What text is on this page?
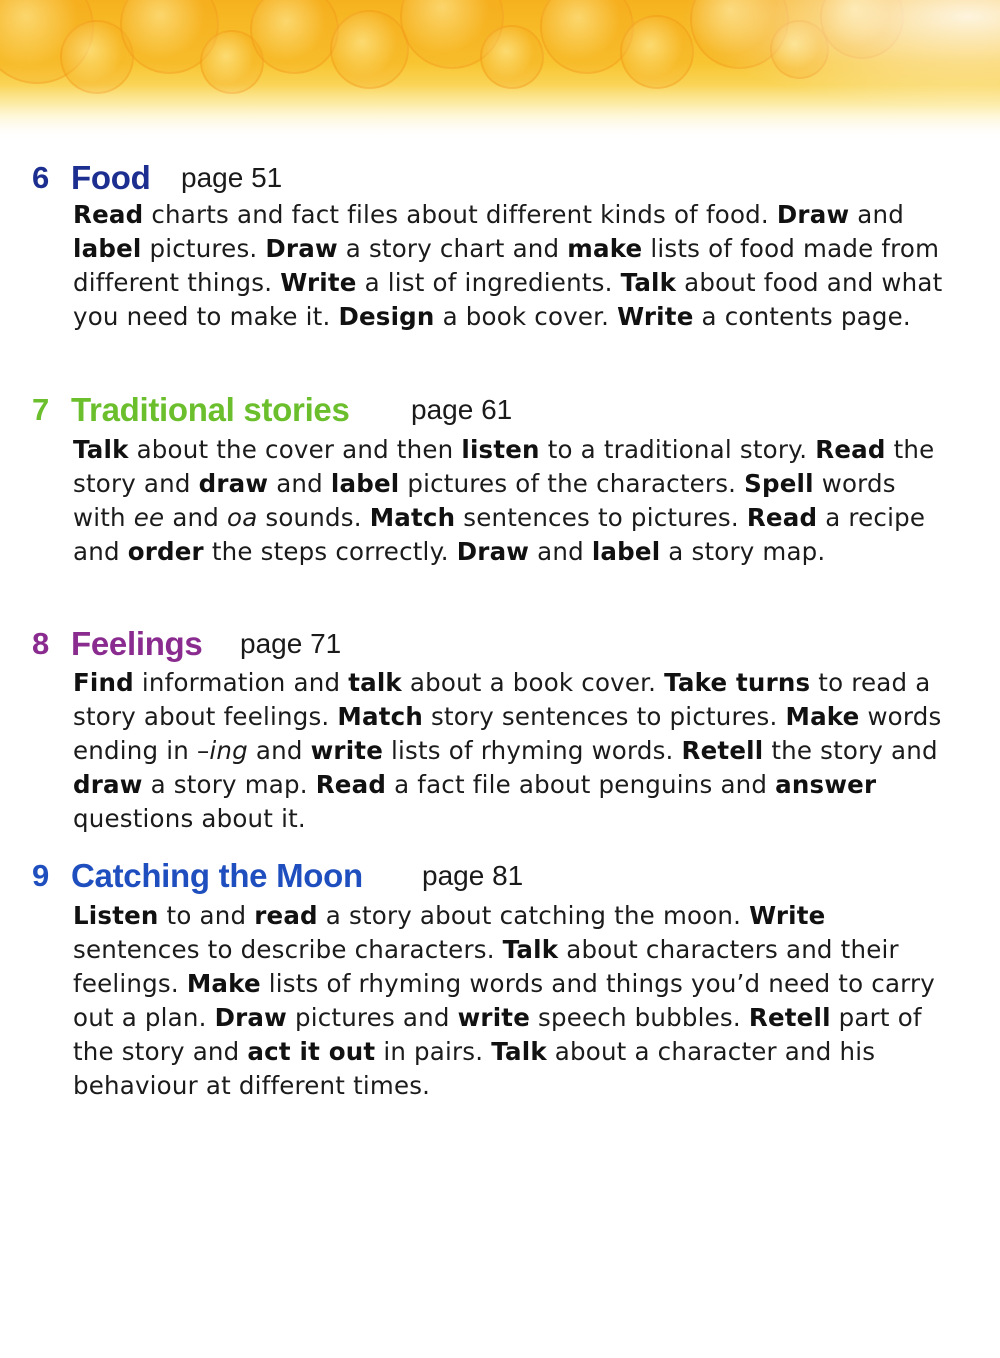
6 Food page 51
Read charts and fact files about different kinds of food. Draw and label pictures. Draw a story chart and make lists of food made from different things. Write a list of ingredients. Talk about food and what you need to make it. Design a book cover. Write a contents page.
7 Traditional stories page 61
Talk about the cover and then listen to a traditional story. Read the story and draw and label pictures of the characters. Spell words with ee and oa sounds. Match sentences to pictures. Read a recipe and order the steps correctly. Draw and label a story map.
8 Feelings page 71
Find information and talk about a book cover. Take turns to read a story about feelings. Match story sentences to pictures. Make words ending in –ing and write lists of rhyming words. Retell the story and draw a story map. Read a fact file about penguins and answer questions about it.
9 Catching the Moon page 81
Listen to and read a story about catching the moon. Write sentences to describe characters. Talk about characters and their feelings. Make lists of rhyming words and things you’d need to carry out a plan. Draw pictures and write speech bubbles. Retell part of the story and act it out in pairs. Talk about a character and his behaviour at different times.
